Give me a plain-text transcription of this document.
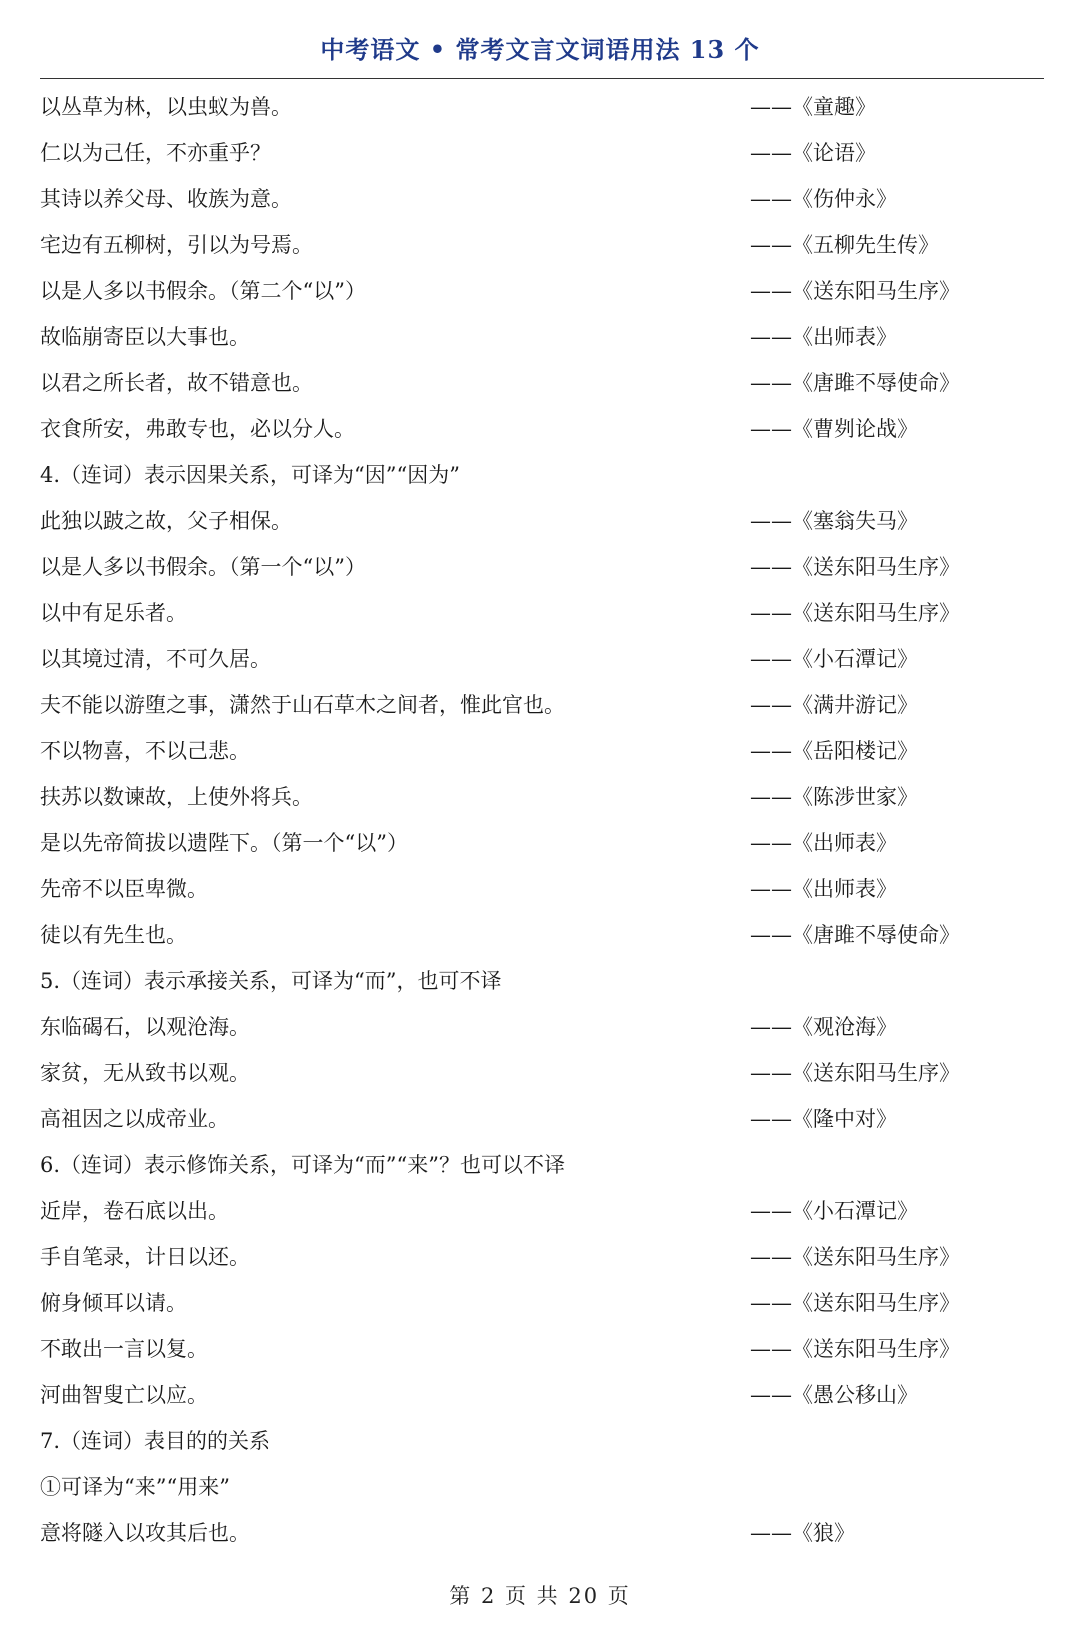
中考语文 • 常考文言文词语用法 13 个
以丛草为林，以虫蚁为兽。	——《童趣》
仁以为己任，不亦重乎？	——《论语》
其诗以养父母、收族为意。	——《伤仲永》
宅边有五柳树，引以为号焉。	——《五柳先生传》
以是人多以书假余。（第二个“以”）	——《送东阳马生序》
故临崩寄臣以大事也。	——《出师表》
以君之所长者，故不错意也。	——《唐雎不辱使命》
衣食所安，弗敢专也，必以分人。	——《曹刿论战》
4.（连词）表示因果关系，可译为“因”“因为”
此独以跛之故，父子相保。	——《塞翁失马》
以是人多以书假余。（第一个“以”）	——《送东阳马生序》
以中有足乐者。	——《送东阳马生序》
以其境过清，不可久居。	——《小石潭记》
夫不能以游堕之事，潇然于山石草木之间者，惟此官也。	——《满井游记》
不以物喜，不以己悲。	——《岳阳楼记》
扶苏以数谏故，上使外将兵。	——《陈涉世家》
是以先帝简拔以遗陛下。（第一个“以”）	——《出师表》
先帝不以臣卑微。	——《出师表》
徒以有先生也。	——《唐雎不辱使命》
5.（连词）表示承接关系，可译为“而”，也可不译
东临碣石，以观沧海。	——《观沧海》
家贫，无从致书以观。	——《送东阳马生序》
高祖因之以成帝业。	——《隆中对》
6.（连词）表示修饰关系，可译为“而”“来”？也可以不译
近岸，卷石底以出。	——《小石潭记》
手自笔录，计日以还。	——《送东阳马生序》
俯身倾耳以请。	——《送东阳马生序》
不敢出一言以复。	——《送东阳马生序》
河曲智叟亡以应。	——《愚公移山》
7.（连词）表目的的关系
①可译为“来”“用来”
意将隧入以攻其后也。	——《狼》
第 2 页 共 20 页
